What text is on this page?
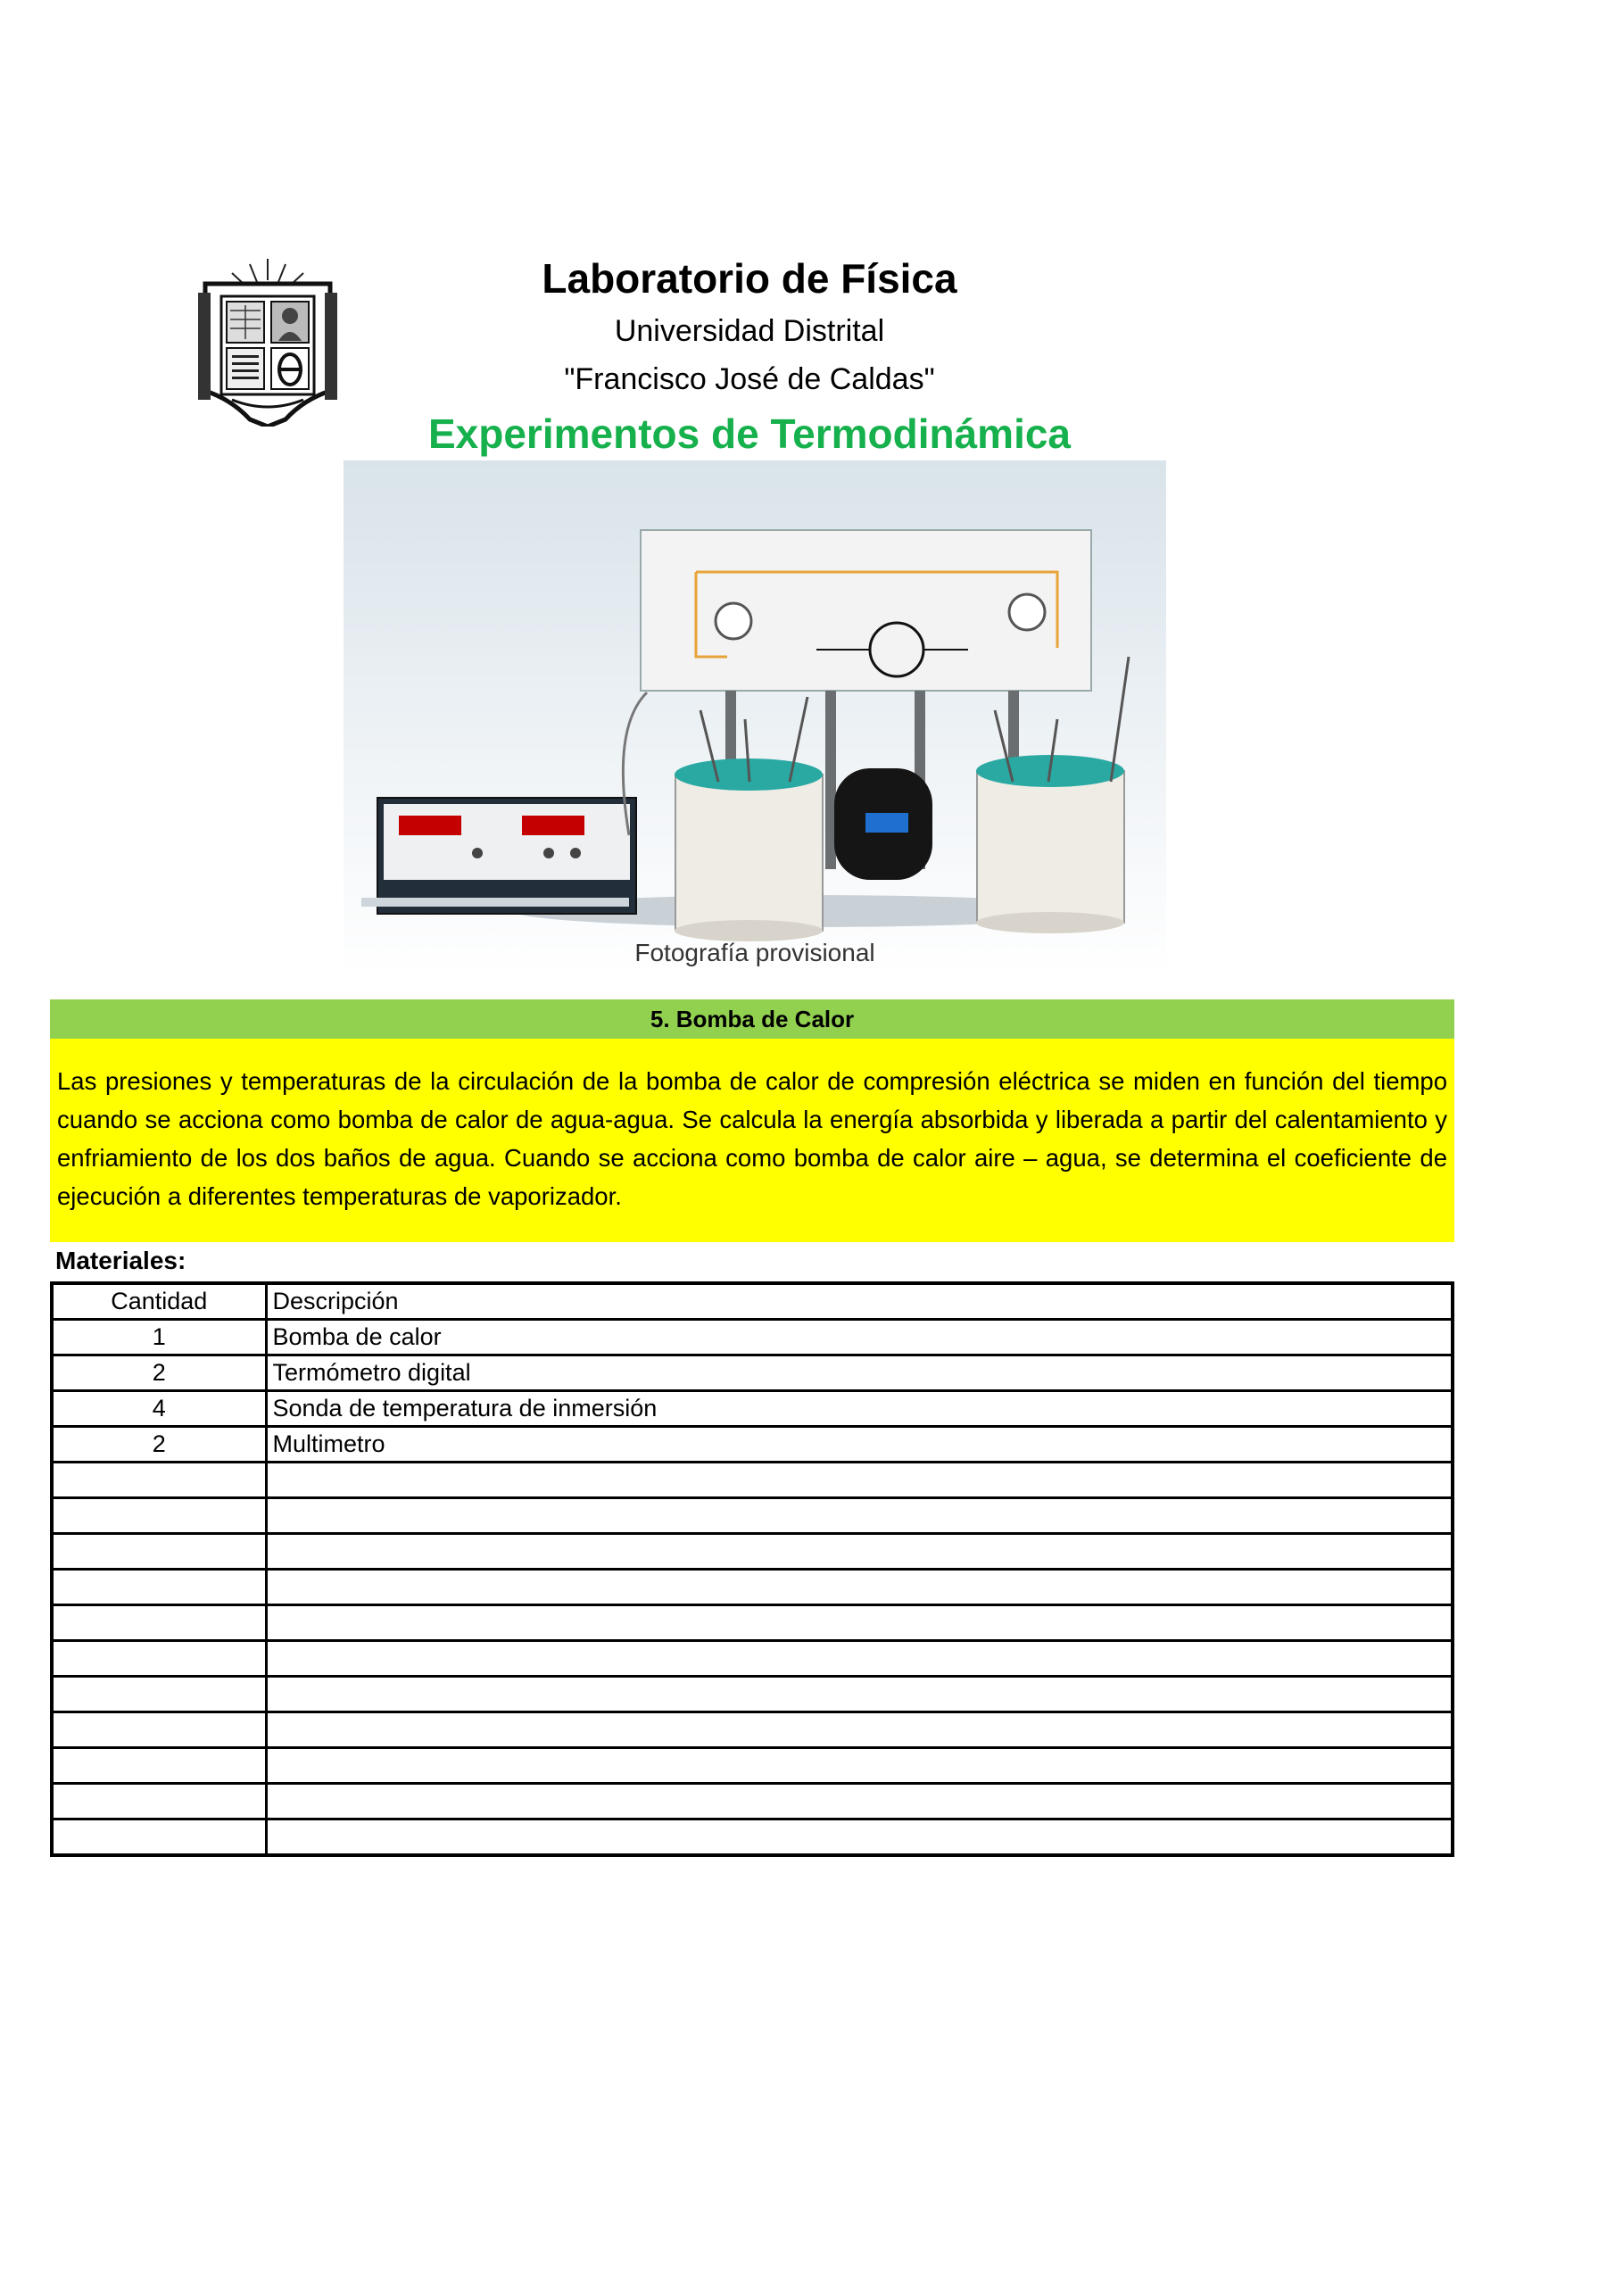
Laboratorio de Física
Universidad Distrital
"Francisco José de Caldas"
Experimentos de Termodinámica
Fotografía provisional
5. Bomba de Calor
Las presiones y temperaturas de la circulación de la bomba de calor de compresión eléctrica se miden en función del tiempo cuando se acciona como bomba de calor de agua-agua. Se calcula la energía absorbida y liberada a partir del calentamiento y enfriamiento de los dos baños de agua. Cuando se acciona como bomba de calor aire – agua, se determina el coeficiente de ejecución a diferentes temperaturas de vaporizador.
Materiales:
Cantidad	Descripción
1	Bomba de calor
2	Termómetro digital
4	Sonda de temperatura de inmersión
2	Multimetro
